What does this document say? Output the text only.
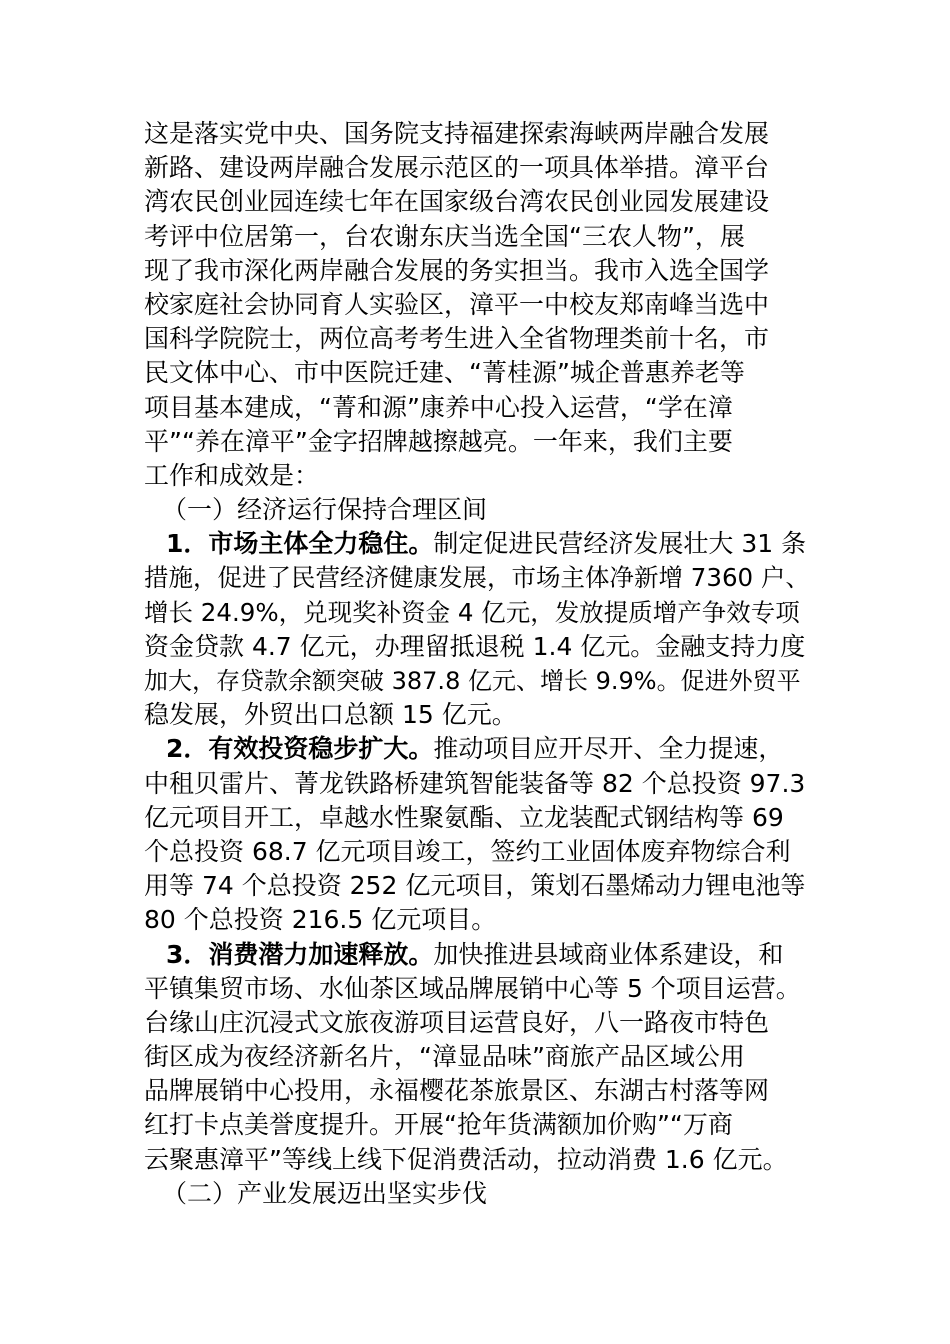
这是落实党中央、国务院支持福建探索海峡两岸融合发展
新路、建设两岸融合发展示范区的一项具体举措。漳平台
湾农民创业园连续七年在国家级台湾农民创业园发展建设
考评中位居第一，台农谢东庆当选全国“三农人物”，展
现了我市深化两岸融合发展的务实担当。我市入选全国学
校家庭社会协同育人实验区，漳平一中校友郑南峰当选中
国科学院院士，两位高考考生进入全省物理类前十名，市
民文体中心、市中医院迁建、“菁桂源”城企普惠养老等
项目基本建成，“菁和源”康养中心投入运营，“学在漳
平”“养在漳平”金字招牌越擦越亮。一年来，我们主要
工作和成效是：
（一）经济运行保持合理区间
1．市场主体全力稳住。制定促进民营经济发展壮大 31 条
措施，促进了民营经济健康发展，市场主体净新增 7360 户、
增长 24.9%，兑现奖补资金 4 亿元，发放提质增产争效专项
资金贷款 4.7 亿元，办理留抵退税 1.4 亿元。金融支持力度
加大，存贷款余额突破 387.8 亿元、增长 9.9%。促进外贸平
稳发展，外贸出口总额 15 亿元。
2．有效投资稳步扩大。推动项目应开尽开、全力提速，
中租贝雷片、菁龙铁路桥建筑智能装备等 82 个总投资 97.3
亿元项目开工，卓越水性聚氨酯、立龙装配式钢结构等 69
个总投资 68.7 亿元项目竣工，签约工业固体废弃物综合利
用等 74 个总投资 252 亿元项目，策划石墨烯动力锂电池等
80 个总投资 216.5 亿元项目。
3．消费潜力加速释放。加快推进县域商业体系建设，和
平镇集贸市场、水仙茶区域品牌展销中心等 5 个项目运营。
台缘山庄沉浸式文旅夜游项目运营良好，八一路夜市特色
街区成为夜经济新名片，“漳显品味”商旅产品区域公用
品牌展销中心投用，永福樱花茶旅景区、东湖古村落等网
红打卡点美誉度提升。开展“抢年货满额加价购”“万商
云聚惠漳平”等线上线下促消费活动，拉动消费 1.6 亿元。
（二）产业发展迈出坚实步伐
